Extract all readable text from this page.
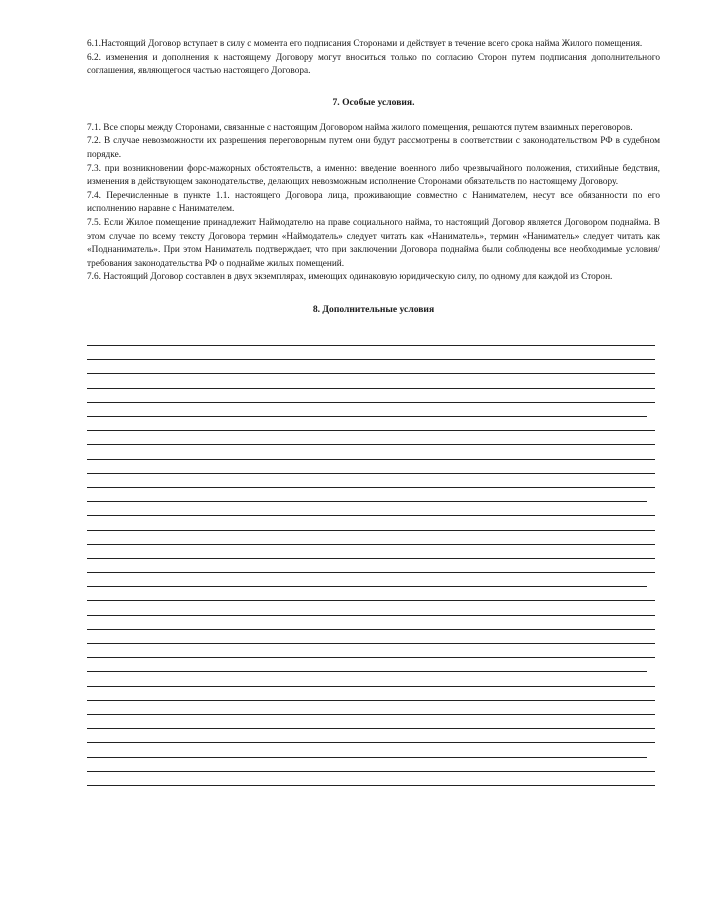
6.1.Настоящий Договор вступает в силу с момента его подписания Сторонами и действует в течение всего срока найма Жилого помещения.

6.2. изменения и дополнения к настоящему Договору могут вноситься только по согласию Сторон путем подписания дополнительного соглашения, являющегося частью настоящего Договора.

7. Особые условия.

7.1. Все споры между Сторонами, связанные с настоящим Договором найма жилого помещения, решаются путем взаимных переговоров.

7.2. В случае невозможности их разрешения переговорным путем они будут рассмотрены в соответствии с законодательством РФ в судебном порядке.

7.3. при возникновении форс-мажорных обстоятельств, а именно: введение военного либо чрезвычайного положения, стихийные бедствия, изменения в действующем законодательстве, делающих невозможным исполнение Сторонами обязательств по настоящему Договору.

7.4. Перечисленные в пункте 1.1. настоящего Договора лица, проживающие совместно с Нанимателем, несут все обязанности по его исполнению наравне с Нанимателем.

7.5. Если Жилое помещение принадлежит Наймодателю на праве социального найма, то настоящий Договор является Договором поднайма. В этом случае по всему тексту Договора термин «Наймодатель» следует читать как «Наниматель», термин «Наниматель» следует читать как «Поднаниматель». При этом Наниматель подтверждает, что при заключении Договора поднайма были соблюдены все необходимые условия/требования законодательства РФ о поднайме жилых помещений.

7.6. Настоящий Договор составлен в двух экземплярах, имеющих одинаковую юридическую силу, по одному для каждой из Сторон.

8. Дополнительные условия
